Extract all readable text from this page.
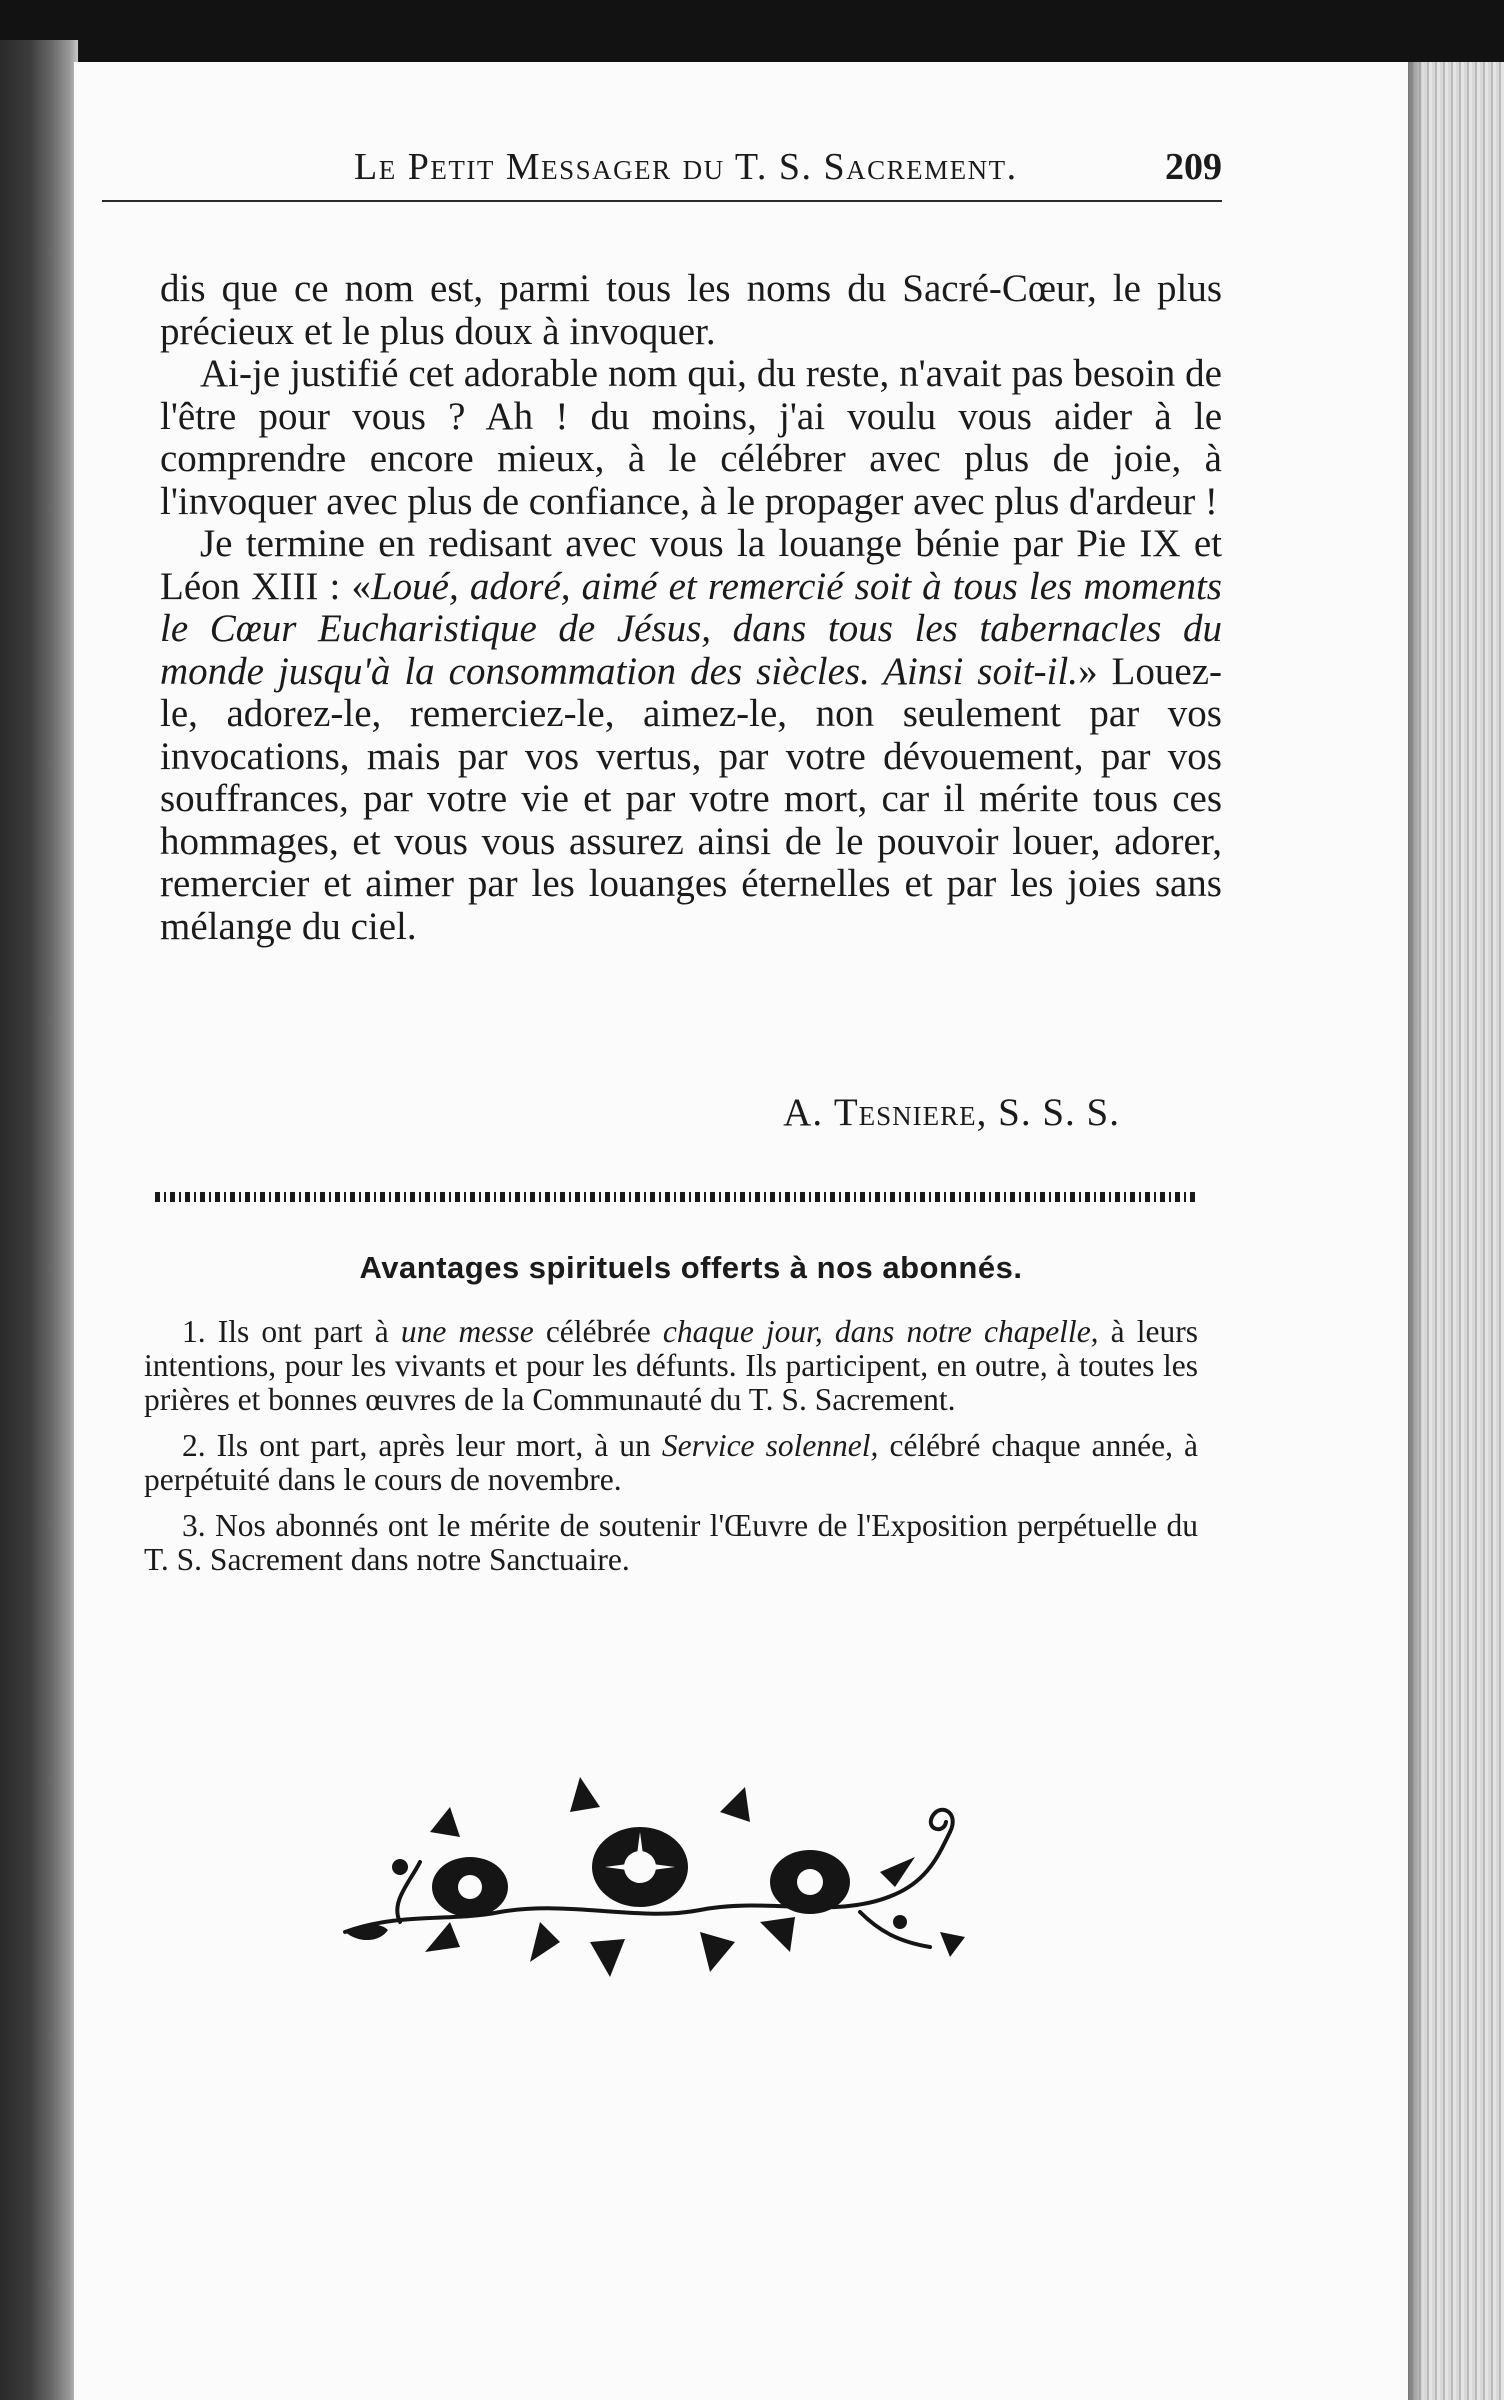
Le Petit Messager du T. S. Sacrement.	209

dis que ce nom est, parmi tous les noms du Sacré-Cœur, le plus précieux et le plus doux à invoquer.

Ai-je justifié cet adorable nom qui, du reste, n'avait pas besoin de l'être pour vous ? Ah ! du moins, j'ai voulu vous aider à le comprendre encore mieux, à le célébrer avec plus de joie, à l'invoquer avec plus de confiance, à le propager avec plus d'ardeur !

Je termine en redisant avec vous la louange bénie par Pie IX et Léon XIII : «Loué, adoré, aimé et remercié soit à tous les moments le Cœur Eucharistique de Jésus, dans tous les tabernacles du monde jusqu'à la consommation des siècles. Ainsi soit-il.» Louez-le, adorez-le, remerciez-le, aimez-le, non seulement par vos invocations, mais par vos vertus, par votre dévouement, par vos souffrances, par votre vie et par votre mort, car il mérite tous ces hommages, et vous vous assurez ainsi de le pouvoir louer, adorer, remercier et aimer par les louanges éternelles et par les joies sans mélange du ciel.

A. Tesniere, S. S. S.
Avantages spirituels offerts à nos abonnés.

1. Ils ont part à une messe célébrée chaque jour, dans notre chapelle, à leurs intentions, pour les vivants et pour les défunts. Ils participent, en outre, à toutes les prières et bonnes œuvres de la Communauté du T. S. Sacrement.

2. Ils ont part, après leur mort, à un Service solennel, célébré chaque année, à perpétuité dans le cours de novembre.

3. Nos abonnés ont le mérite de soutenir l'Œuvre de l'Exposition perpétuelle du T. S. Sacrement dans notre Sanctuaire.
